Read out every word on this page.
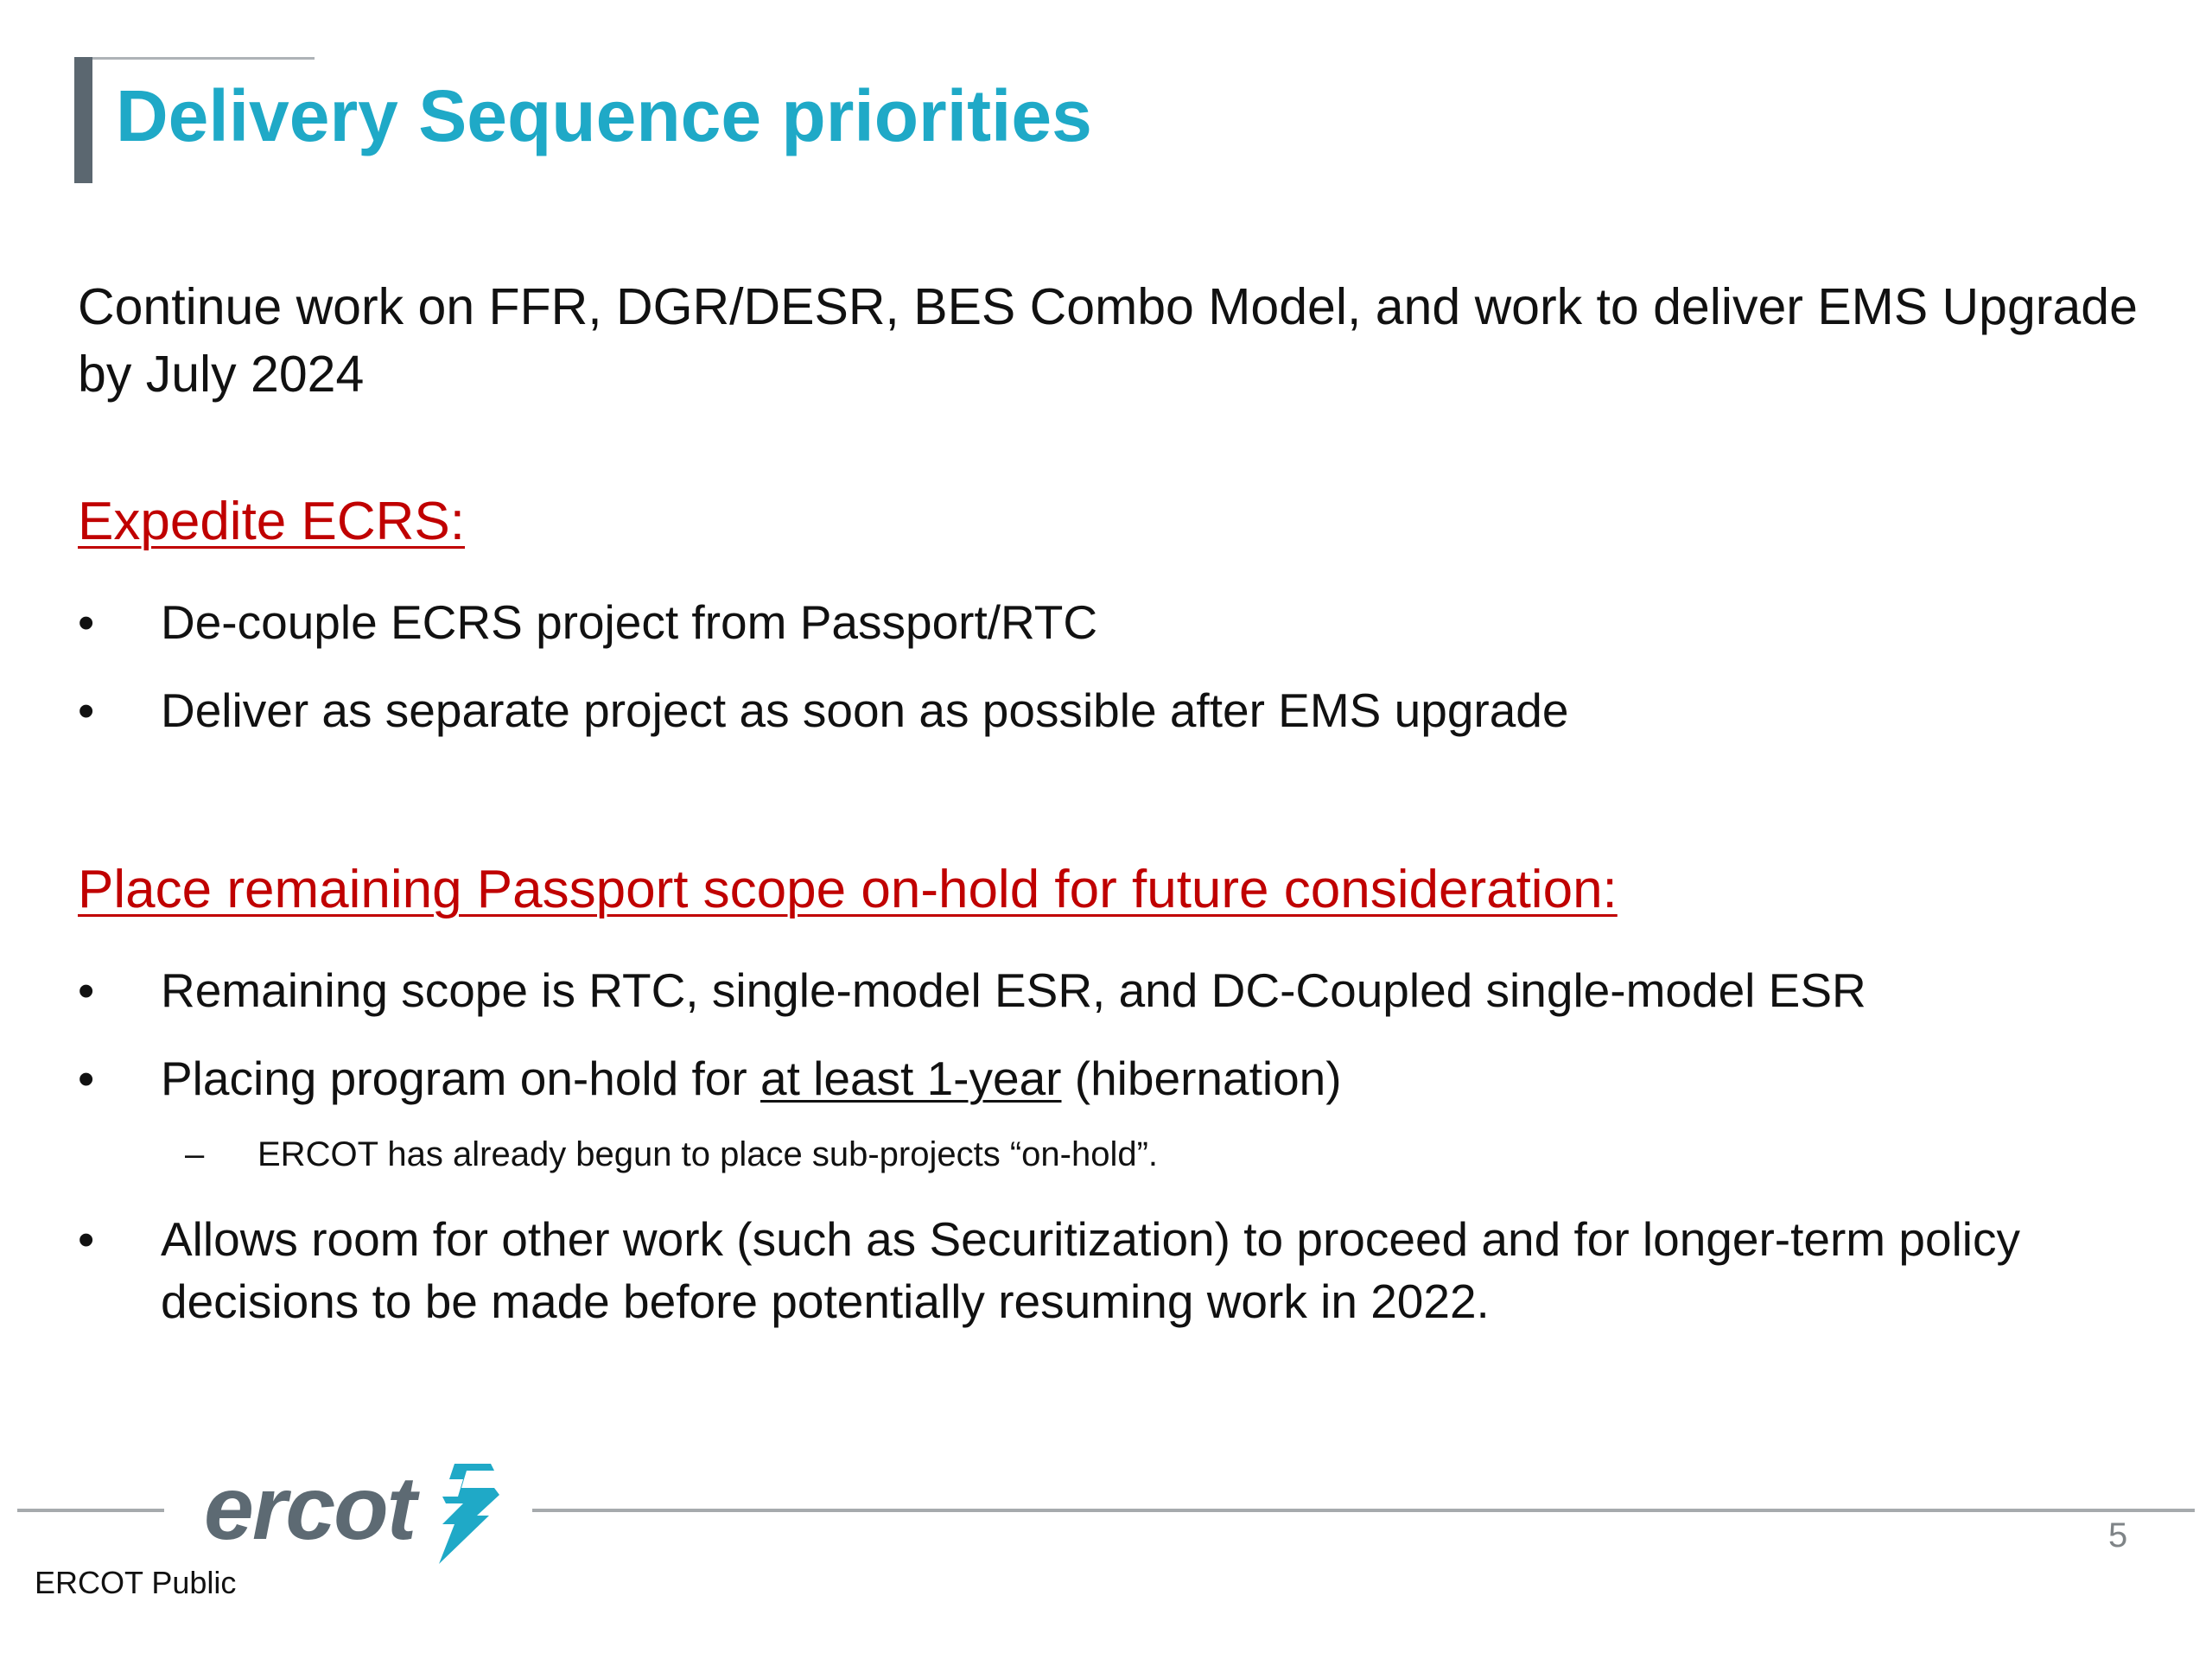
Delivery Sequence priorities
Continue work on FFR, DGR/DESR, BES Combo Model, and work to deliver EMS Upgrade by July 2024
Expedite ECRS:
• De-couple ECRS project from Passport/RTC
• Deliver as separate project as soon as possible after EMS upgrade
Place remaining Passport scope on-hold for future consideration:
• Remaining scope is RTC, single-model ESR, and DC-Coupled single-model ESR
• Placing program on-hold for at least 1-year (hibernation)
– ERCOT has already begun to place sub-projects “on-hold”.
• Allows room for other work (such as Securitization) to proceed and for longer-term policy decisions to be made before potentially resuming work in 2022.
ercot	5
ERCOT Public
